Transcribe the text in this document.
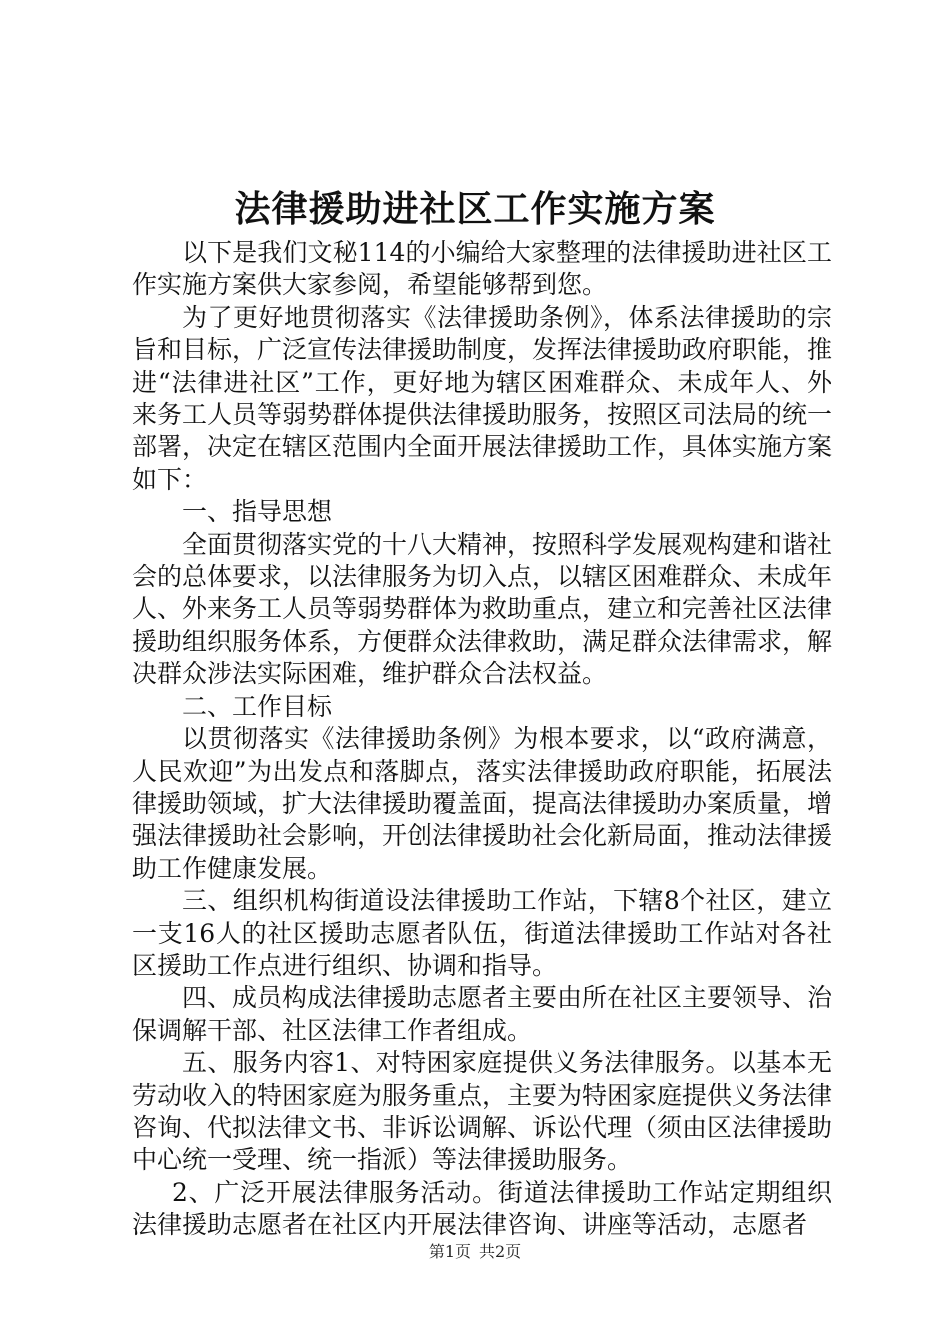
法律援助进社区工作实施方案

以下是我们文秘114的小编给大家整理的法律援助进社区工作实施方案供大家参阅，希望能够帮到您。

为了更好地贯彻落实《法律援助条例》，体系法律援助的宗旨和目标，广泛宣传法律援助制度，发挥法律援助政府职能，推进“法律进社区”工作，更好地为辖区困难群众、未成年人、外来务工人员等弱势群体提供法律援助服务，按照区司法局的统一部署，决定在辖区范围内全面开展法律援助工作，具体实施方案如下：

一、指导思想

全面贯彻落实党的十八大精神，按照科学发展观构建和谐社会的总体要求，以法律服务为切入点，以辖区困难群众、未成年人、外来务工人员等弱势群体为救助重点，建立和完善社区法律援助组织服务体系，方便群众法律救助，满足群众法律需求，解决群众涉法实际困难，维护群众合法权益。

二、工作目标

以贯彻落实《法律援助条例》为根本要求，以“政府满意，人民欢迎”为出发点和落脚点，落实法律援助政府职能，拓展法律援助领域，扩大法律援助覆盖面，提高法律援助办案质量，增强法律援助社会影响，开创法律援助社会化新局面，推动法律援助工作健康发展。

三、组织机构街道设法律援助工作站，下辖8个社区，建立一支16人的社区援助志愿者队伍，街道法律援助工作站对各社区援助工作点进行组织、协调和指导。

四、成员构成法律援助志愿者主要由所在社区主要领导、治保调解干部、社区法律工作者组成。

五、服务内容1、对特困家庭提供义务法律服务。以基本无劳动收入的特困家庭为服务重点，主要为特困家庭提供义务法律咨询、代拟法律文书、非诉讼调解、诉讼代理（须由区法律援助中心统一受理、统一指派）等法律援助服务。

2、广泛开展法律服务活动。街道法律援助工作站定期组织法律援助志愿者在社区内开展法律咨询、讲座等活动，志愿者

第1页 共2页
